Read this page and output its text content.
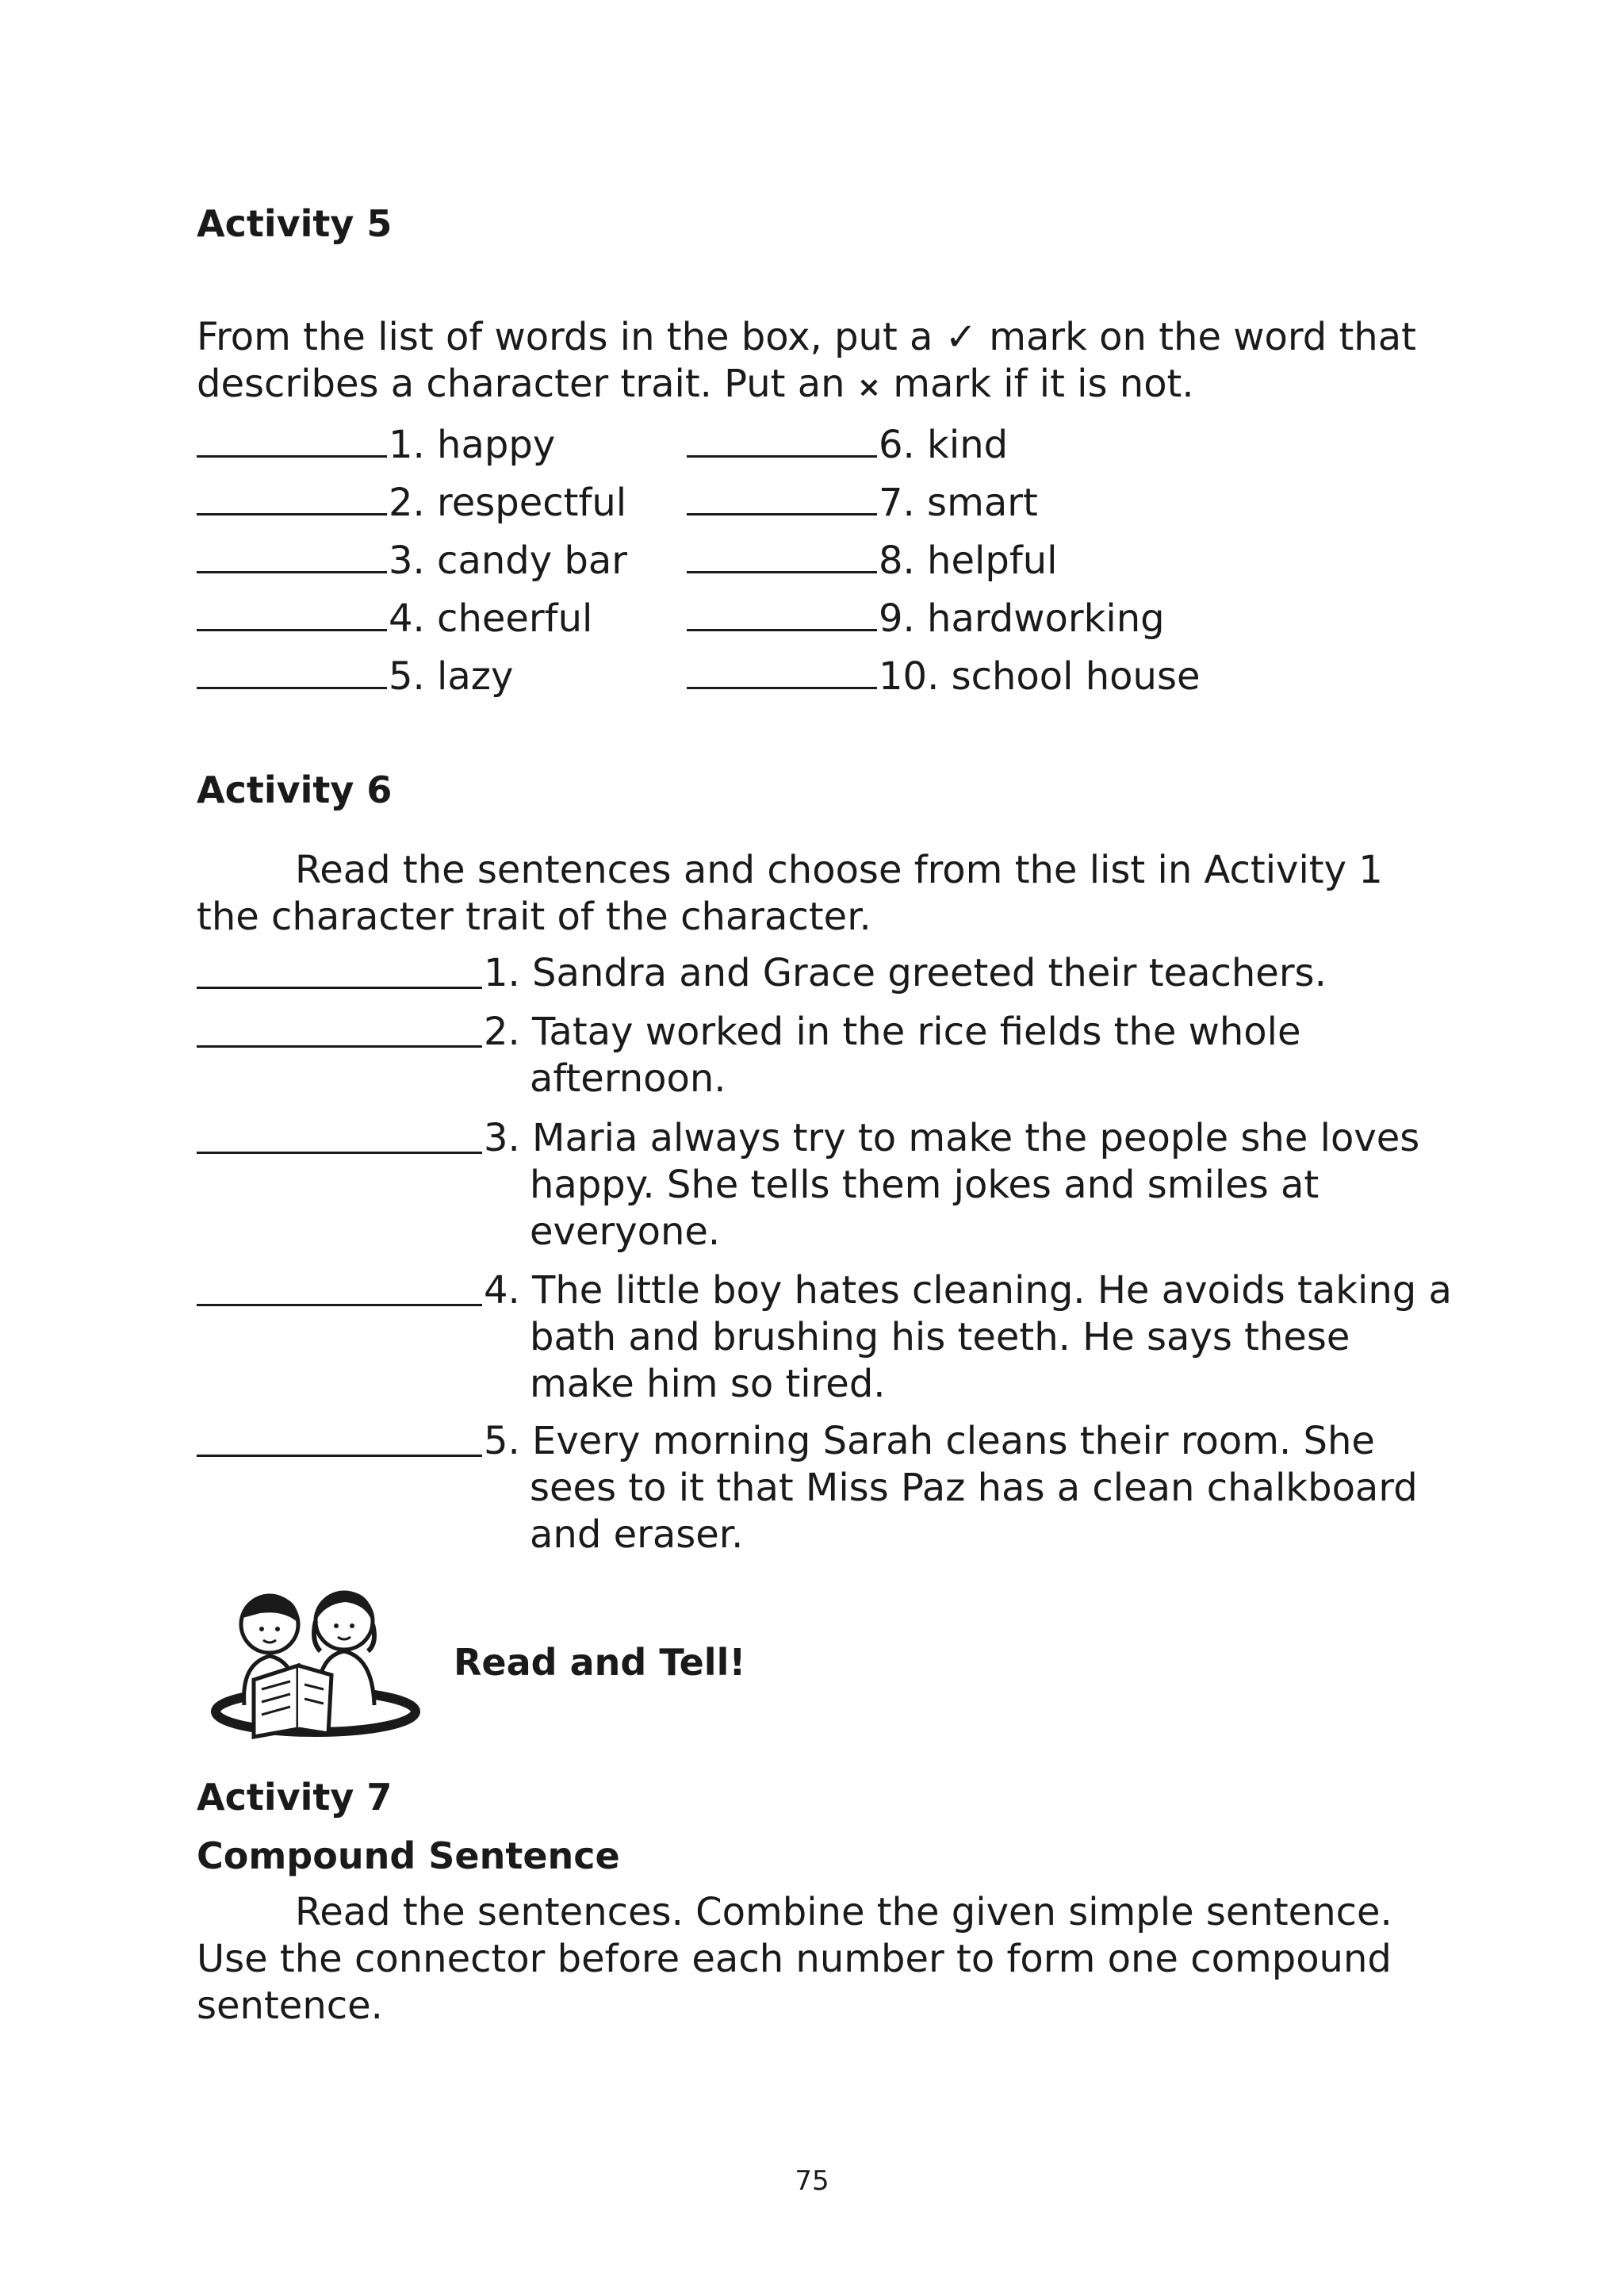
Activity 5
From the list of words in the box, put a ✓ mark on the word that describes a character trait. Put an × mark if it is not.
1. happy
2. respectful
3. candy bar
4. cheerful
5. lazy
6. kind
7. smart
8. helpful
9. hardworking
10. school house
Activity 6
Read the sentences and choose from the list in Activity 1 the character trait of the character.
1. Sandra and Grace greeted their teachers.
2. Tatay worked in the rice fields the whole afternoon.
3. Maria always try to make the people she loves happy. She tells them jokes and smiles at everyone.
4. The little boy hates cleaning. He avoids taking a bath and brushing his teeth. He says these make him so tired.
5. Every morning Sarah cleans their room. She sees to it that Miss Paz has a clean chalkboard and eraser.
Read and Tell!
Activity 7
Compound Sentence
Read the sentences. Combine the given simple sentence. Use the connector before each number to form one compound sentence.
75
